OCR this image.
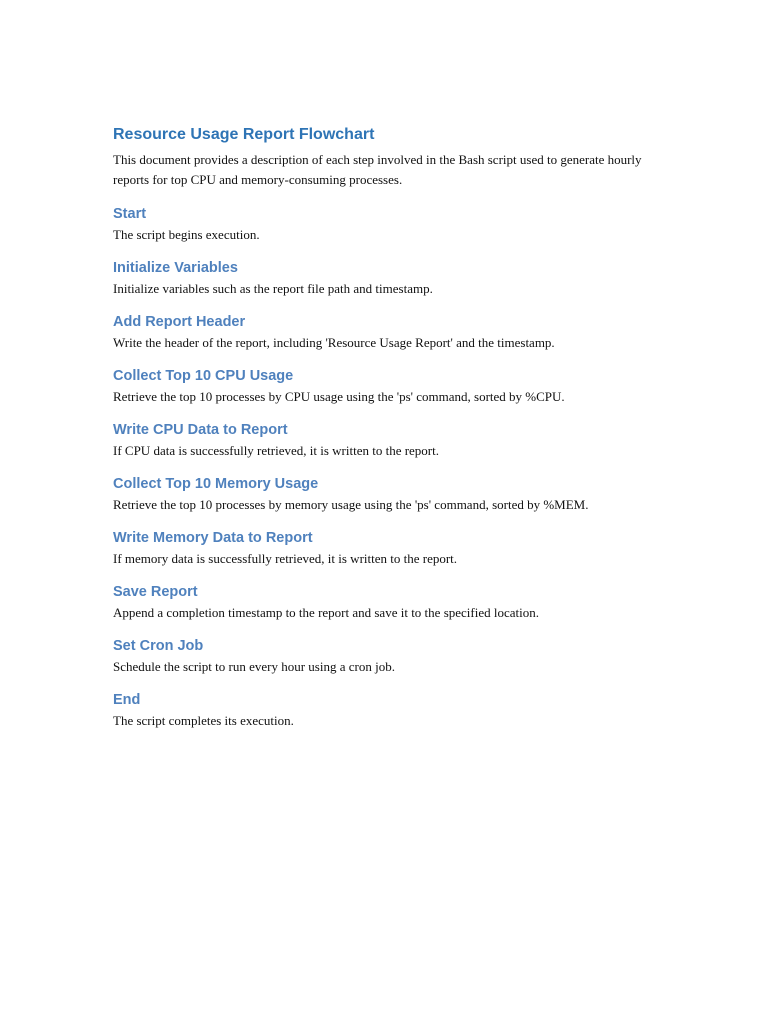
Resource Usage Report Flowchart

This document provides a description of each step involved in the Bash script used to generate hourly reports for top CPU and memory-consuming processes.

Start

The script begins execution.

Initialize Variables

Initialize variables such as the report file path and timestamp.

Add Report Header

Write the header of the report, including 'Resource Usage Report' and the timestamp.

Collect Top 10 CPU Usage

Retrieve the top 10 processes by CPU usage using the 'ps' command, sorted by %CPU.

Write CPU Data to Report

If CPU data is successfully retrieved, it is written to the report.

Collect Top 10 Memory Usage

Retrieve the top 10 processes by memory usage using the 'ps' command, sorted by %MEM.

Write Memory Data to Report

If memory data is successfully retrieved, it is written to the report.

Save Report

Append a completion timestamp to the report and save it to the specified location.

Set Cron Job

Schedule the script to run every hour using a cron job.

End

The script completes its execution.
